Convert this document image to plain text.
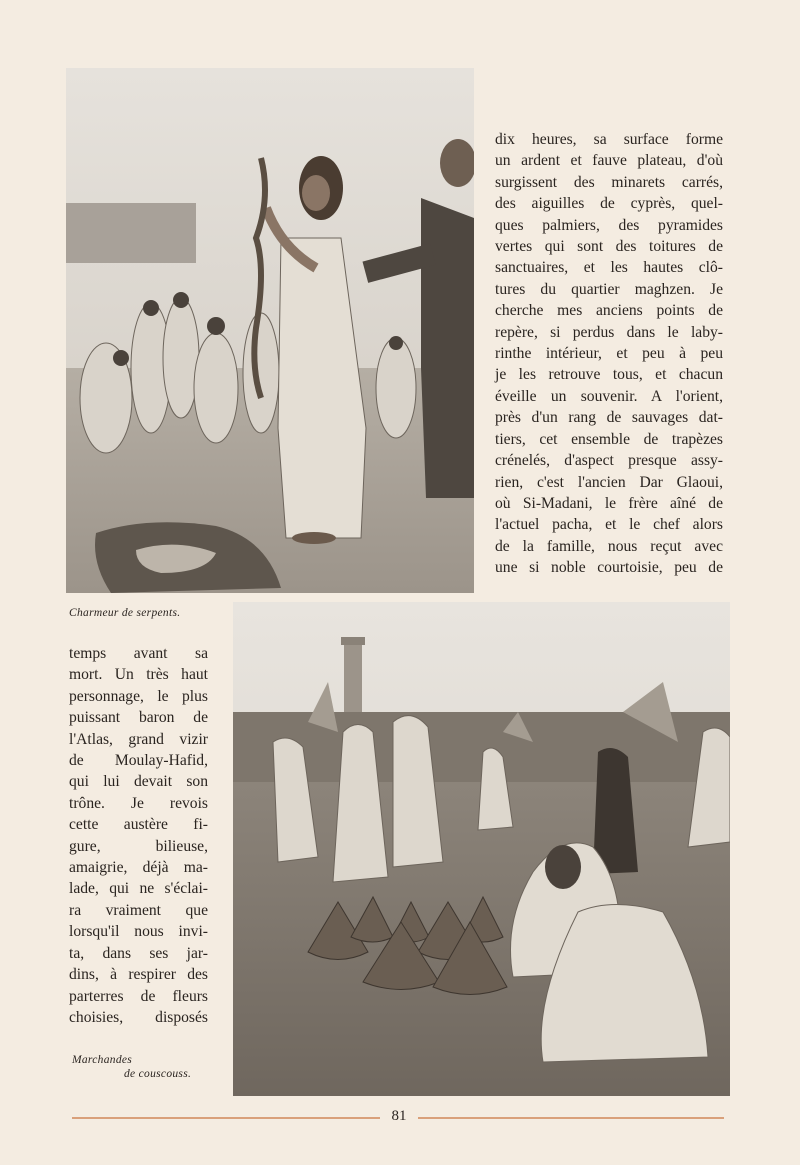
dix heures, sa surface forme
un ardent et fauve plateau, d'où
surgissent des minarets carrés,
des aiguilles de cyprès, quel-
ques palmiers, des pyramides
vertes qui sont des toitures de
sanctuaires, et les hautes clô-
tures du quartier maghzen. Je
cherche mes anciens points de
repère, si perdus dans le laby-
rinthe intérieur, et peu à peu
je les retrouve tous, et chacun
éveille un souvenir. A l'orient,
près d'un rang de sauvages dat-
tiers, cet ensemble de trapèzes
crénelés, d'aspect presque assy-
rien, c'est l'ancien Dar Glaoui,
où Si-Madani, le frère aîné de
l'actuel pacha, et le chef alors
de la famille, nous reçut avec
une si noble courtoisie, peu de
Charmeur de serpents.
temps avant sa
mort. Un très haut
personnage, le plus
puissant baron de
l'Atlas, grand vizir
de Moulay-Hafid,
qui lui devait son
trône. Je revois
cette austère fi-
gure, bilieuse,
amaigrie, déjà ma-
lade, qui ne s'éclai-
ra vraiment que
lorsqu'il nous invi-
ta, dans ses jar-
dins, à respirer des
parterres de fleurs
choisies, disposés
Marchandes
de couscouss.
81
